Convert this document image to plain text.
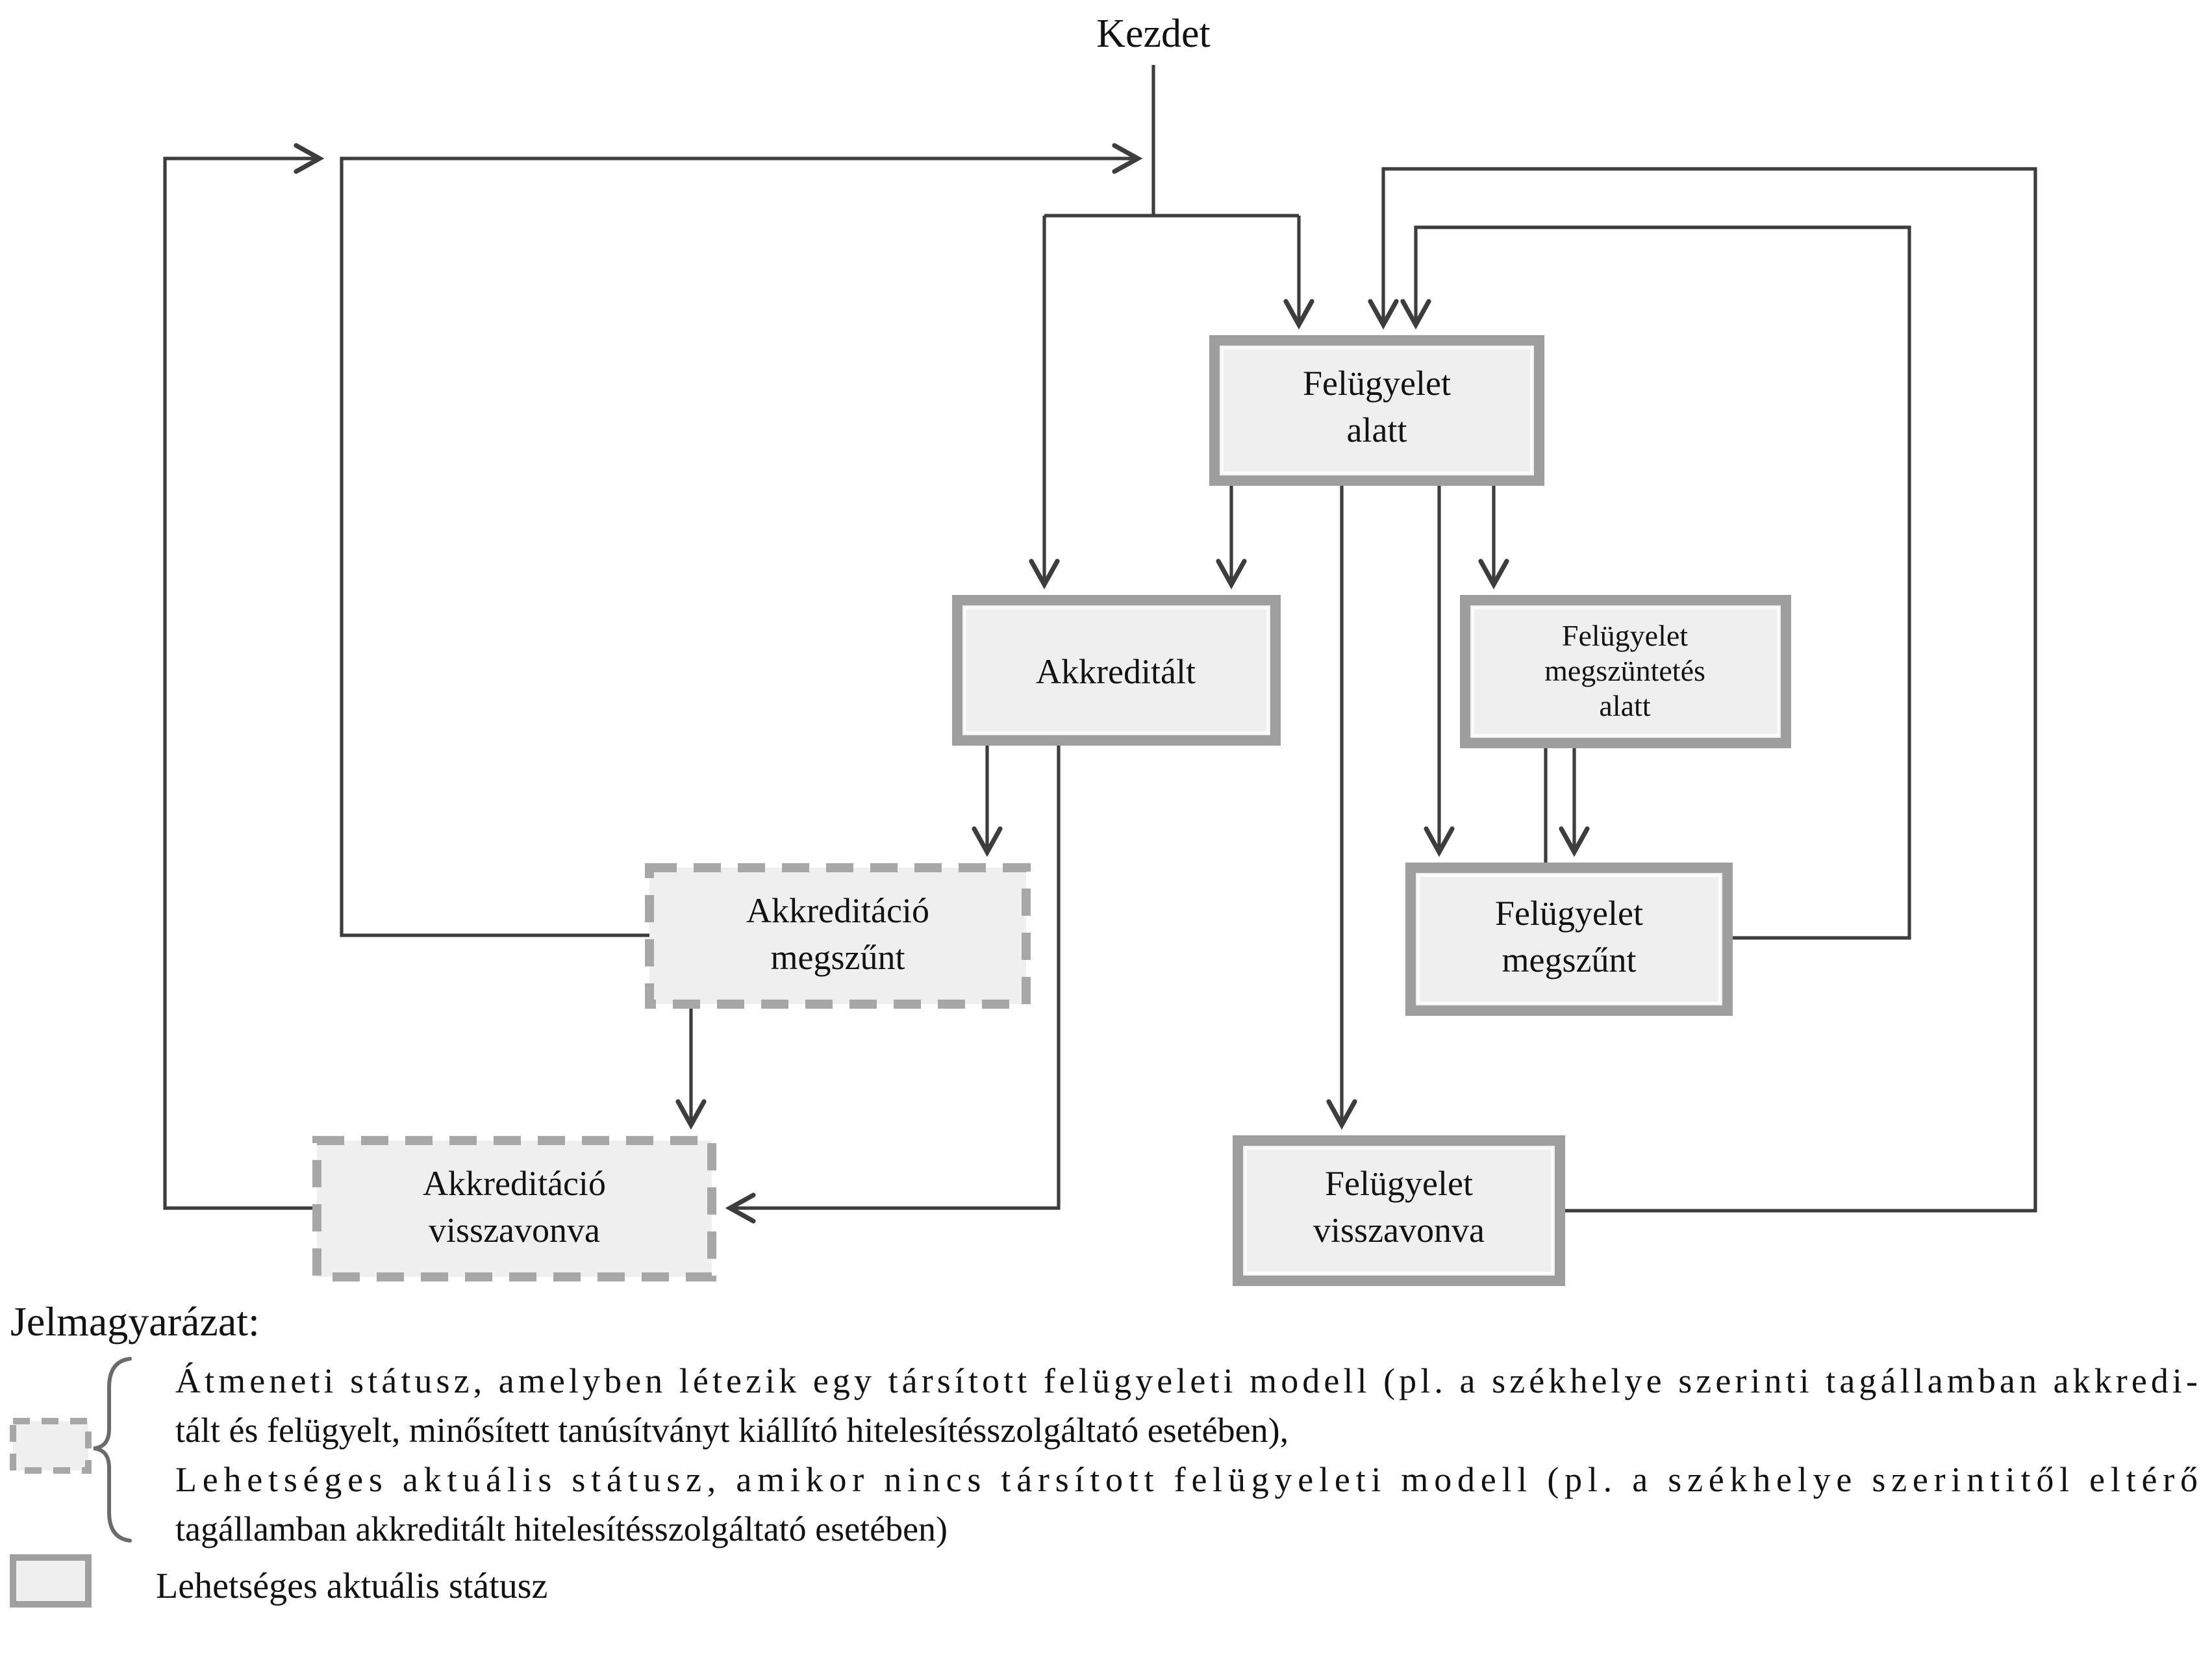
Kezdet
Felügyelet
alatt
Akkreditált
Felügyelet
megszüntetés
alatt
Felügyelet
megszűnt
Akkreditáció
megszűnt
Akkreditáció
visszavonva
Felügyelet
visszavonva
Jelmagyarázat:
Átmeneti státusz, amelyben létezik egy társított felügyeleti modell (pl. a székhelye szerinti tagállamban akkredi-
tált és felügyelt, minősített tanúsítványt kiállító hitelesítésszolgáltató esetében),
Lehetséges aktuális státusz, amikor nincs társított felügyeleti modell (pl. a székhelye szerintitől eltérő
tagállamban akkreditált hitelesítésszolgáltató esetében)
Lehetséges aktuális státusz
